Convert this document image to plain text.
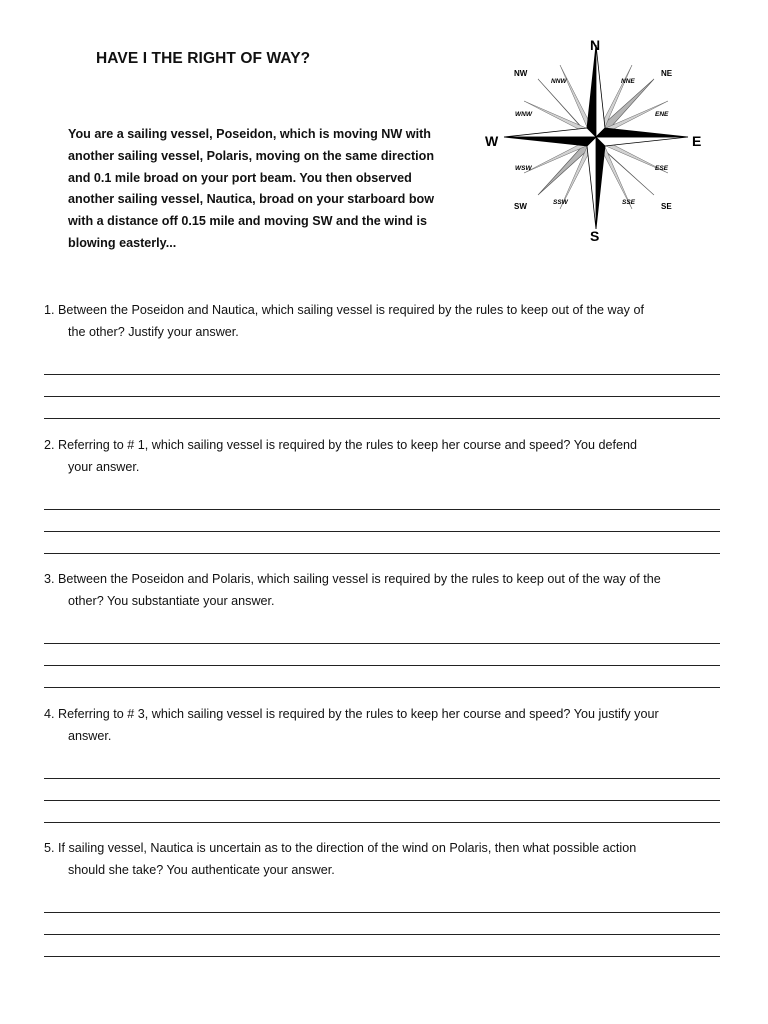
HAVE I THE RIGHT OF WAY?
You are a sailing vessel, Poseidon, which is moving NW with another sailing vessel, Polaris, moving on the same direction and 0.1 mile broad on your port beam. You then observed another sailing vessel, Nautica, broad on your starboard bow with a distance off 0.15 mile and moving SW and the wind is blowing easterly...
N
S
E
W
NW	NE
SW	SE
NNW	NNE
WNW	ENE
WSW	ESE
SSW	SSE
1. Between the Poseidon and Nautica, which sailing vessel is required by the rules to keep out of the way of
the other? Justify your answer.
2. Referring to # 1, which sailing vessel is required by the rules to keep her course and speed? You defend
your answer.
3. Between the Poseidon and Polaris, which sailing vessel is required by the rules to keep out of the way of the
other? You substantiate your answer.
4. Referring to # 3, which sailing vessel is required by the rules to keep her course and speed? You justify your
answer.
5. If sailing vessel, Nautica is uncertain as to the direction of the wind on Polaris, then what possible action
should she take? You authenticate your answer.
